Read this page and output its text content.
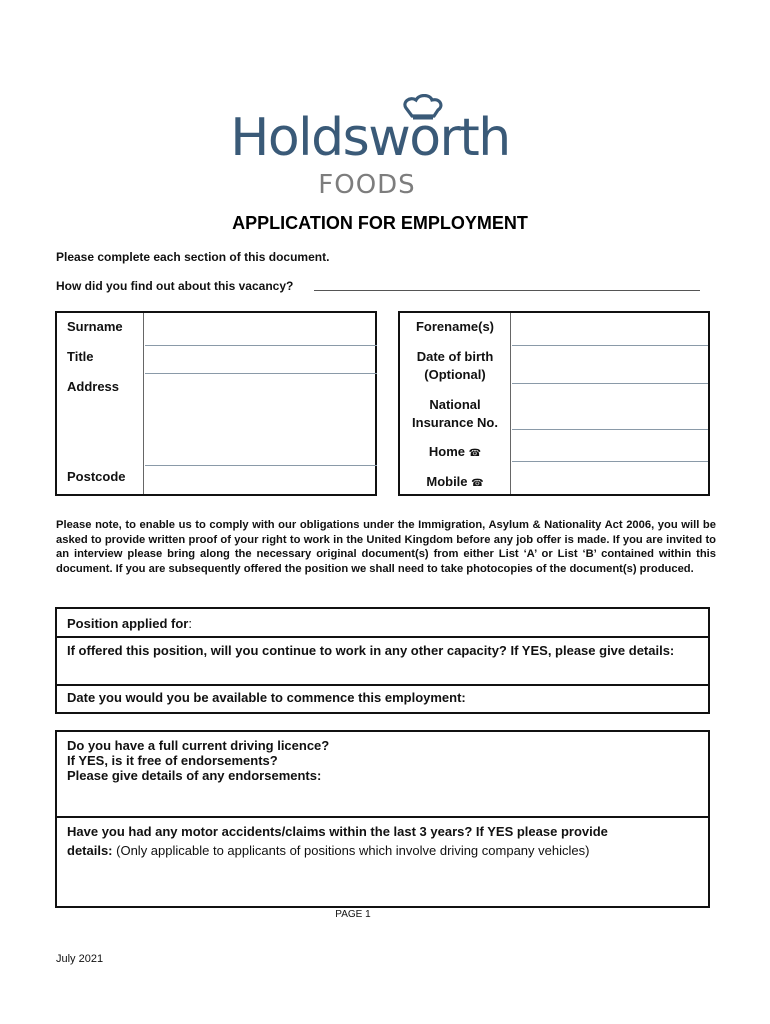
Holdsworth
FOODS
APPLICATION FOR EMPLOYMENT
Please complete each section of this document.
How did you find out about this vacancy?
Surname
Title
Address
Postcode
Forename(s)
Date of birth
(Optional)
National
Insurance No.
Home ☎
Mobile ☎
Please note, to enable us to comply with our obligations under the Immigration, Asylum & Nationality Act 2006, you will be asked to provide written proof of your right to work in the United Kingdom before any job offer is made. If you are invited to an interview please bring along the necessary original document(s) from either List ‘A’ or List ‘B’ contained within this document. If you are subsequently offered the position we shall need to take photocopies of the document(s) produced.
Position applied for:
If offered this position, will you continue to work in any other capacity? If YES, please give details:
Date you would you be available to commence this employment:
Do you have a full current driving licence?
If YES, is it free of endorsements?
Please give details of any endorsements:
Have you had any motor accidents/claims within the last 3 years? If YES please provide
details: (Only applicable to applicants of positions which involve driving company vehicles)
PAGE 1
July 2021
